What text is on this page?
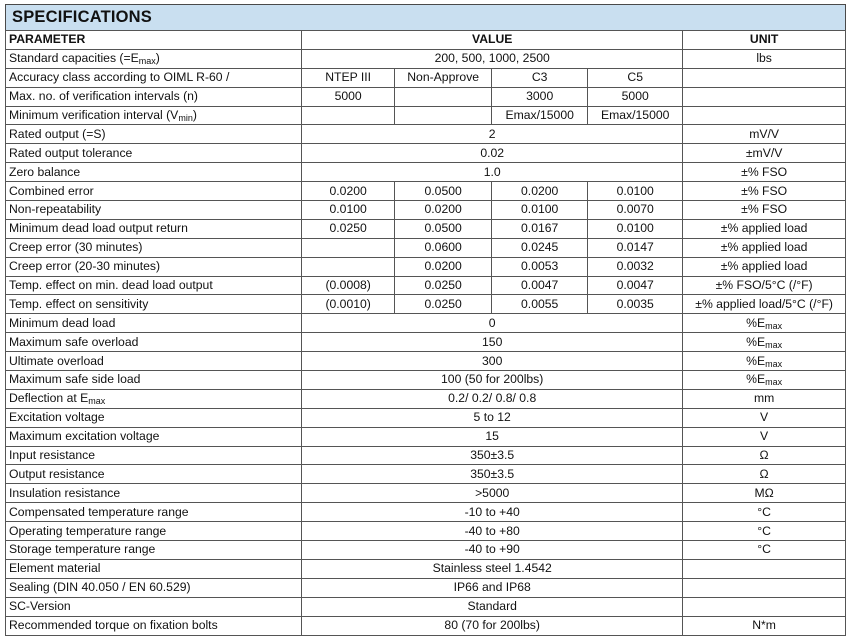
SPECIFICATIONS
PARAMETER	VALUE				UNIT
Standard capacities $(=E_{max})$	200, 500, 1000, 2500				lbs
Accuracy class according to OIML R-60 /	NTEP III	Non-Approve	C3	C5	
Max. no. of verification intervals (n)	5000		3000	5000	
Minimum verification interval $(V_{min})$			Emax/15000	Emax/15000	
Rated output (=S)	2				mV/V
Rated output tolerance	0.02				±mV/V
Zero balance	1.0				±% FSO
Combined error	0.0200	0.0500	0.0200	0.0100	±% FSO
Non-repeatability	0.0100	0.0200	0.0100	0.0070	±% FSO
Minimum dead load output return	0.0250	0.0500	0.0167	0.0100	±% applied load
Creep error (30 minutes)		0.0600	0.0245	0.0147	±% applied load
Creep error (20-30 minutes)		0.0200	0.0053	0.0032	±% applied load
Temp. effect on min. dead load output	(0.0008)	0.0250	0.0047	0.0047	±% FSO/5°C (/°F)
Temp. effect on sensitivity	(0.0010)	0.0250	0.0055	0.0035	±% applied load/5°C (/°F)
Minimum dead load	0				$\%E_{max}$
Maximum safe overload	150				$\%E_{max}$
Ultimate overload	300				$\%E_{max}$
Maximum safe side load	100 (50 for 200lbs)				$\%E_{max}$
Deflection at $E_{max}$	0.2/ 0.2/ 0.8/ 0.8				mm
Excitation voltage	5 to 12				V
Maximum excitation voltage	15				V
Input resistance	350±3.5				Ω
Output resistance	350±3.5				Ω
Insulation resistance	>5000				MΩ
Compensated temperature range	-10 to +40				°C
Operating temperature range	-40 to +80				°C
Storage temperature range	-40 to +90				°C
Element material	Stainless steel 1.4542				
Sealing (DIN 40.050 / EN 60.529)	IP66 and IP68				
SC-Version	Standard				
Recommended torque on fixation bolts	80 (70 for 200lbs)				N*m
